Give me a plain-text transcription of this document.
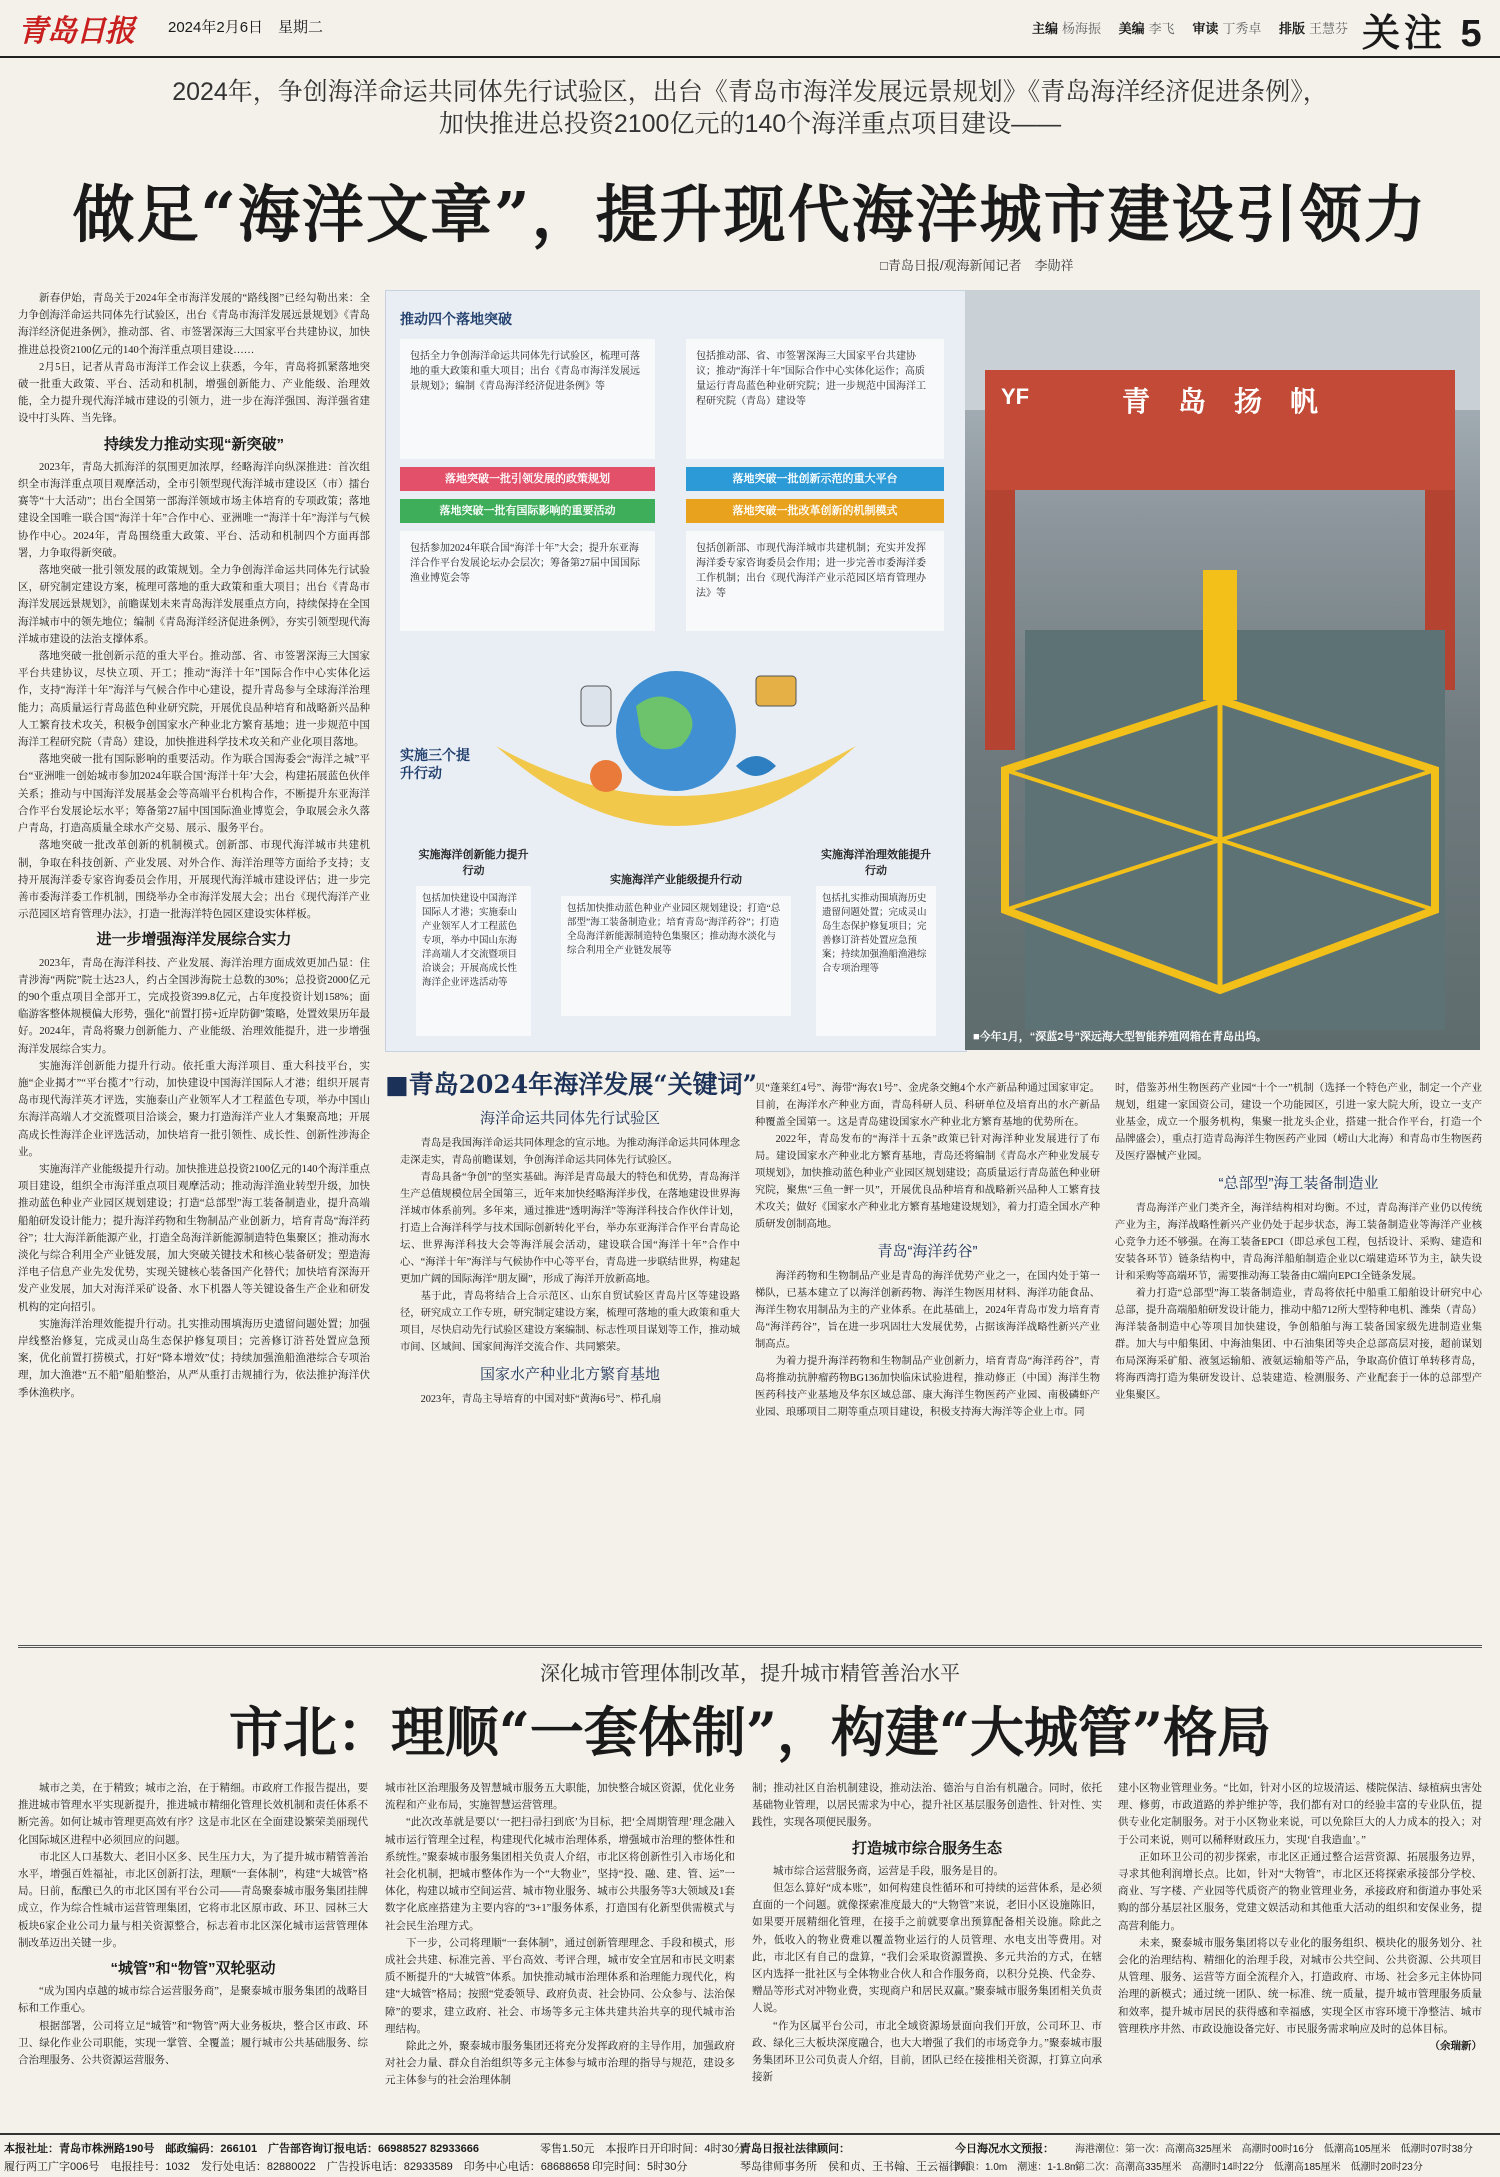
青岛日报 2024年2月6日　星期二	主编 杨海振 美编 李飞 审读 丁秀卓 排版 王慧芬 关注 5
2024年，争创海洋命运共同体先行试验区，出台《青岛市海洋发展远景规划》《青岛海洋经济促进条例》，
加快推进总投资2100亿元的140个海洋重点项目建设——
做足“海洋文章”，提升现代海洋城市建设引领力
□青岛日报/观海新闻记者　李勋祥

新春伊始，青岛关于2024年全市海洋发展的“路线图”已经勾勒出来：全力争创海洋命运共同体先行试验区，出台《青岛市海洋发展远景规划》《青岛海洋经济促进条例》，推动部、省、市签署深海三大国家平台共建协议，加快推进总投资2100亿元的140个海洋重点项目建设……

2月5日，记者从青岛市海洋工作会议上获悉，今年，青岛将抓紧落地突破一批重大政策、平台、活动和机制，增强创新能力、产业能级、治理效能，全力提升现代海洋城市建设的引领力，进一步在海洋强国、海洋强省建设中打头阵、当先锋。

持续发力推动实现“新突破”

2023年，青岛大抓海洋的氛围更加浓厚，经略海洋向纵深推进：首次组织全市海洋重点项目观摩活动，全市引领型现代海洋城市建设区（市）擂台赛等“十大活动”；出台全国第一部海洋领域市场主体培育的专项政策；落地建设全国唯一联合国“海洋十年”合作中心、亚洲唯一“海洋十年”海洋与气候协作中心。2024年，青岛围绕重大政策、平台、活动和机制四个方面再部署，力争取得新突破。

落地突破一批引领发展的政策规划。全力争创海洋命运共同体先行试验区，研究制定建设方案，梳理可落地的重大政策和重大项目；出台《青岛市海洋发展远景规划》，前瞻谋划未来青岛海洋发展重点方向，持续保持在全国海洋城市中的领先地位；编制《青岛海洋经济促进条例》，夯实引领型现代海洋城市建设的法治支撑体系。

落地突破一批创新示范的重大平台。推动部、省、市签署深海三大国家平台共建协议，尽快立项、开工；推动“海洋十年”国际合作中心实体化运作，支持“海洋十年”海洋与气候合作中心建设，提升青岛参与全球海洋治理能力；高质量运行青岛蓝色种业研究院，开展优良品种培育和战略新兴品种人工繁育技术攻关，积极争创国家水产种业北方繁育基地；进一步规范中国海洋工程研究院（青岛）建设，加快推进科学技术攻关和产业化项目落地。

落地突破一批有国际影响的重要活动。作为联合国海委会“海洋之城”平台“亚洲唯一创始城市参加2024年联合国‘海洋十年’大会，构建拓展蓝色伙伴关系；推动与中国海洋发展基金会等高端平台机构合作，不断提升东亚海洋合作平台发展论坛水平；筹备第27届中国国际渔业博览会，争取展会永久落户青岛，打造高质量全球水产交易、展示、服务平台。

落地突破一批改革创新的机制模式。创新部、市现代海洋城市共建机制，争取在科技创新、产业发展、对外合作、海洋治理等方面给予支持；支持开展海洋委专家咨询委员会作用，开展现代海洋城市建设评估；进一步完善市委海洋委工作机制，围绕举办全市海洋发展大会；出台《现代海洋产业示范园区培育管理办法》，打造一批海洋特色园区建设实体样板。

进一步增强海洋发展综合实力

2023年，青岛在海洋科技、产业发展、海洋治理方面成效更加凸显：住青涉海“两院”院士达23人，约占全国涉海院士总数的30%；总投资2000亿元的90个重点项目全部开工，完成投资399.8亿元，占年度投资计划158%；面临游客整体规模偏大形势，强化“前置打捞+近岸防御”策略，处置效果历年最好。2024年，青岛将聚力创新能力、产业能级、治理效能提升，进一步增强海洋发展综合实力。

实施海洋创新能力提升行动。依托重大海洋项目、重大科技平台，实施“企业揭才”“平台揽才”行动，加快建设中国海洋国际人才港；组织开展青岛市现代海洋英才评选，实施泰山产业领军人才工程蓝色专项，举办中国山东海洋高端人才交流暨项目洽谈会，聚力打造海洋产业人才集聚高地；开展高成长性海洋企业评选活动，加快培育一批引领性、成长性、创新性涉海企业。

实施海洋产业能级提升行动。加快推进总投资2100亿元的140个海洋重点项目建设，组织全市海洋重点项目观摩活动；推动海洋渔业转型升级，加快推动蓝色种业产业园区规划建设；打造“总部型”海工装备制造业，提升高端船舶研发设计能力；提升海洋药物和生物制品产业创新力，培育青岛“海洋药谷”；壮大海洋新能源产业，打造全岛海洋新能源制造特色集聚区；推动海水淡化与综合利用全产业链发展，加大突破关键技术和核心装备研发；塑造海洋电子信息产业先发优势，实现关键核心装备国产化替代；加快培育深海开发产业发展，加大对海洋采矿设备、水下机器人等关键设备生产企业和研发机构的定向招引。

实施海洋治理效能提升行动。扎实推动围填海历史遗留问题处置；加强岸线整治修复，完成灵山岛生态保护修复项目；完善修订浒苔处置应急预案，优化前置打捞模式，打好“降本增效”仗；持续加强渔船渔港综合专项治理，加大渔港“五不船”船舶整治，从严从重打击规捕行为，依法推护海洋伏季休渔秩序。

推动四个落地突破
包括全力争创海洋命运共同体先行试验区，梳理可落地的重大政策和重大项目；出台《青岛市海洋发展远景规划》；编制《青岛海洋经济促进条例》等
包括推动部、省、市签署深海三大国家平台共建协议；推动“海洋十年”国际合作中心实体化运作；高质量运行青岛蓝色种业研究院；进一步规范中国海洋工程研究院（青岛）建设等
落地突破一批引领发展的政策规划	落地突破一批创新示范的重大平台
落地突破一批有国际影响的重要活动	落地突破一批改革创新的机制模式
包括参加2024年联合国“海洋十年”大会；提升东亚海洋合作平台发展论坛办会层次；筹备第27届中国国际渔业博览会等
包括创新部、市现代海洋城市共建机制；充实并发挥海洋委专家咨询委员会作用；进一步完善市委海洋委工作机制；出台《现代海洋产业示范园区培育管理办法》等
实施三个提升行动
实施海洋创新能力提升行动
包括加快建设中国海洋国际人才港；实施泰山产业领军人才工程蓝色专项，举办中国山东海洋高端人才交流暨项目洽谈会；开展高成长性海洋企业评选活动等
实施海洋产业能级提升行动
包括加快推动蓝色种业产业园区规划建设；打造“总部型”海工装备制造业；培育青岛“海洋药谷”；打造全岛海洋新能源制造特色集聚区；推动海水淡化与综合利用全产业链发展等
实施海洋治理效能提升行动
包括扎实推动围填海历史遗留问题处置；完成灵山岛生态保护修复项目；完善修订浒苔处置应急预案；持续加强渔船渔港综合专项治理等
青　岛　扬　帆
YF
■今年1月，“深蓝2号”深远海大型智能养殖网箱在青岛出坞。
■青岛2024年海洋发展“关键词”
海洋命运共同体先行试验区

青岛是我国海洋命运共同体理念的宣示地。为推动海洋命运共同体理念走深走实，青岛前瞻谋划，争创海洋命运共同体先行试验区。

青岛具备“争创”的坚实基础。海洋是青岛最大的特色和优势，青岛海洋生产总值规模位居全国第三，近年来加快经略海洋步伐，在落地建设世界海洋城市体系前列。多年来，通过推进“透明海洋”等海洋科技合作伙伴计划，打造上合海洋科学与技术国际创新转化平台，举办东亚海洋合作平台青岛论坛、世界海洋科技大会等海洋展会活动，建设联合国“海洋十年”合作中心、“海洋十年”海洋与气候协作中心等平台，青岛进一步联结世界，构建起更加广阔的国际海洋“朋友圈”，形成了海洋开放新高地。

基于此，青岛将结合上合示范区、山东自贸试验区青岛片区等建设路径，研究成立工作专班，研究制定建设方案，梳理可落地的重大政策和重大项目，尽快启动先行试验区建设方案编制、标志性项目谋划等工作，推动城市间、区域间、国家间海洋交流合作、共同繁荣。

国家水产种业北方繁育基地

2023年，青岛主导培育的中国对虾“黄海6号”、栉孔扇

贝“蓬莱红4号”、海带“海农1号”、金虎条交鲍4个水产新品种通过国家审定。目前，在海洋水产种业方面，青岛科研人员、科研单位及培育出的水产新品种覆盖全国第一。这是青岛建设国家水产种业北方繁育基地的优势所在。

2022年，青岛发布的“海洋十五条”政策已针对海洋种业发展进行了布局。建设国家水产种业北方繁育基地，青岛还将编制《青岛水产种业发展专项规划》，加快推动蓝色种业产业园区规划建设；高质量运行青岛蓝色种业研究院，聚焦“三鱼一鲆一贝”，开展优良品种培育和战略新兴品种人工繁育技术攻关；做好《国家水产种业北方繁育基地建设规划》，着力打造全国水产种质研发创制高地。

青岛“海洋药谷”

海洋药物和生物制品产业是青岛的海洋优势产业之一，在国内处于第一梯队，已基本建立了以海洋创新药物、海洋生物医用材料、海洋功能食品、海洋生物农用制品为主的产业体系。在此基础上，2024年青岛市发力培育青岛“海洋药谷”，旨在进一步巩固壮大发展优势，占据该海洋战略性新兴产业制高点。

为着力提升海洋药物和生物制品产业创新力，培育青岛“海洋药谷”，青岛将推动抗肿瘤药物BG136加快临床试验进程，推动修正（中国）海洋生物医药科技产业基地及华东区域总部、康大海洋生物医药产业园、南极磷虾产业园、琅琊项目二期等重点项目建设，积极支持海大海洋等企业上市。同

时，借鉴苏州生物医药产业园“十个一”机制（选择一个特色产业，制定一个产业规划，组建一家国资公司，建设一个功能园区，引进一家大院大所，设立一支产业基金，成立一个服务机构，集聚一批龙头企业，搭建一批合作平台，打造一个品牌盛会），重点打造青岛海洋生物医药产业园（崂山大北海）和青岛市生物医药及医疗器械产业园。

“总部型”海工装备制造业

青岛海洋产业门类齐全，海洋结构相对均衡。不过，青岛海洋产业仍以传统产业为主，海洋战略性新兴产业仍处于起步状态，海工装备制造业等海洋产业核心竞争力还不够强。在海工装备EPCI（即总承包工程，包括设计、采购、建造和安装各环节）链条结构中，青岛海洋船舶制造企业以C端建造环节为主，缺失设计和采购等高端环节，需要推动海工装备由C端向EPCI全链条发展。

着力打造“总部型”海工装备制造业，青岛将依托中船重工船舶设计研究中心总部，提升高端船舶研发设计能力，推动中船712所大型特种电机、潍柴（青岛）海洋装备制造中心等项目加快建设，争创船舶与海工装备国家级先进制造业集群。加大与中船集团、中海油集团、中石油集团等央企总部高层对接，超前谋划布局深海采矿船、液氢运输船、液氨运输船等产品，争取高价值订单转移青岛，将海西湾打造为集研发设计、总装建造、检测服务、产业配套于一体的总部型产业集聚区。

深化城市管理体制改革，提升城市精管善治水平
市北：理顺“一套体制”，构建“大城管”格局

城市之美，在于精致；城市之治，在于精细。市政府工作报告提出，要推进城市管理水平实现新提升，推进城市精细化管理长效机制和责任体系不断完善。如何让城市管理更高效有序？这是市北区在全面建设繁荣美丽现代化国际城区进程中必须回应的问题。

市北区人口基数大、老旧小区多、民生压力大，为了提升城市精管善治水平，增强百姓福祉，市北区创新打法，理顺“一套体制”，构建“大城管”格局。日前，酝酿已久的市北区国有平台公司——青岛聚泰城市服务集团挂牌成立，作为综合性城市运营管理集团，它将市北区原市政、环卫、园林三大板块6家企业公司力量与相关资源整合，标志着市北区深化城市运营管理体制改革迈出关键一步。

“城管”和“物管”双轮驱动

“成为国内卓越的城市综合运营服务商”，是聚泰城市服务集团的战略目标和工作重心。

根据部署，公司将立足“城管”和“物管”两大业务板块，整合区市政、环卫、绿化作业公司职能，实现一掌管、全覆盖；履行城市公共基础服务、综合治理服务、公共资源运营服务、

城市社区治理服务及智慧城市服务五大职能，加快整合城区资源，优化业务流程和产业布局，实施智慧运营管理。

“此次改革就是要以‘一把扫帚扫到底’为目标，把‘全周期管理’理念融入城市运行管理全过程，构建现代化城市治理体系，增强城市治理的整体性和系统性。”聚泰城市服务集团相关负责人介绍，市北区将创新性引入市场化和社会化机制，把城市整体作为一个“大物业”，坚持“投、融、建、管、运”一体化，构建以城市空间运营、城市物业服务、城市公共服务等3大领域及1套数字化底座搭建为主要内容的“3+1”服务体系，打造国有化新型供需模式与社会民生治理方式。

下一步，公司将理顺“一套体制”，通过创新管理理念、手段和模式，形成社会共建、标准完善、平台高效、考评合理，城市安全宜居和市民文明素质不断提升的“大城管”体系。加快推动城市治理体系和治理能力现代化，构建“大城管”格局；按照“党委领导、政府负责、社会协同、公众参与、法治保障”的要求，建立政府、社会、市场等多元主体共建共治共享的现代城市治理结构。

除此之外，聚泰城市服务集团还将充分发挥政府的主导作用，加强政府对社会力量、群众自治组织等多元主体参与城市治理的指导与规范，建设多元主体参与的社会治理体制

制；推动社区自治机制建设，推动法治、德治与自治有机融合。同时，依托基础物业管理，以居民需求为中心，提升社区基层服务创造性、针对性、实践性，实现各项便民服务。

打造城市综合服务生态

城市综合运营服务商，运营是手段，服务是目的。

但怎么算好“成本账”，如何构建良性循环和可持续的运营体系，是必须直面的一个问题。就像探索准度最大的“大物管”来说，老旧小区设施陈旧，如果要开展精细化管理，在接手之前就要拿出预算配备相关设施。除此之外，低收入的物业费难以覆盖物业运行的人员管理、水电支出等费用。对此，市北区有自己的盘算，“我们会采取资源置换、多元共治的方式，在辖区内选择一批社区与全体物业合伙人和合作服务商，以积分兑换、代金券、赠品等形式对冲物业费，实现商户和居民双赢。”聚泰城市服务集团相关负责人说。

“作为区属平台公司，市北全域资源场景面向我们开放，公司环卫、市政、绿化三大板块深度融合，也大大增强了我们的市场竞争力。”聚泰城市服务集团环卫公司负责人介绍，目前，团队已经在接推相关资源，打算立向承接新

建小区物业管理业务。“比如，针对小区的垃圾清运、楼院保洁、绿植病虫害处理、修剪，市政道路的养护维护等，我们都有对口的经验丰富的专业队伍，提供专业化定制服务。对于小区物业来说，可以免除巨大的人力成本的投入；对于公司来说，则可以稀释财政压力，实现‘自我造血’。”

正如环卫公司的初步探索，市北区正通过整合运营资源、拓展服务边界，寻求其他利润增长点。比如，针对“大物管”，市北区还将探索承接部分学校、商业、写字楼、产业园等代质资产的物业管理业务，承接政府和街道办事处采购的部分基层社区服务，党建文娱活动和其他重大活动的组织和安保业务，提高营利能力。

未来，聚泰城市服务集团将以专业化的服务组织、模块化的服务划分、社会化的治理结构、精细化的治理手段，对城市公共空间、公共资源、公共项目从管理、服务、运营等方面全流程介入，打造政府、市场、社会多元主体协同治理的新模式；通过统一团队、统一标准、统一质量，提升城市管理服务质量和效率，提升城市居民的获得感和幸福感，实现全区市容环境干净整洁、城市管理秩序井然、市政设施设备完好、市民服务需求响应及时的总体目标。

（余瑞新）
本报社址：青岛市株洲路190号　邮政编码：266101　广告部咨询订报电话：66988527 82933666	零售1.50元　本报昨日开印时间：4时30分
青岛日报社法律顾问：	今日海况水文预报： 海港潮位：第一次：高潮高325厘米　高潮时00时16分　低潮高105厘米　低潮时07时38分
履行两工广字006号　电报挂号：1032　发行处电话：82880022　广告投诉电话：82933589　印务中心电话：68688658 印完时间：5时30分	琴岛律师事务所　侯和贞、王书翰、王云福律师
海浪：1.0m　潮速：1-1.8m
第二次：高潮高335厘米　高潮时14时22分　低潮高185厘米　低潮时20时23分
